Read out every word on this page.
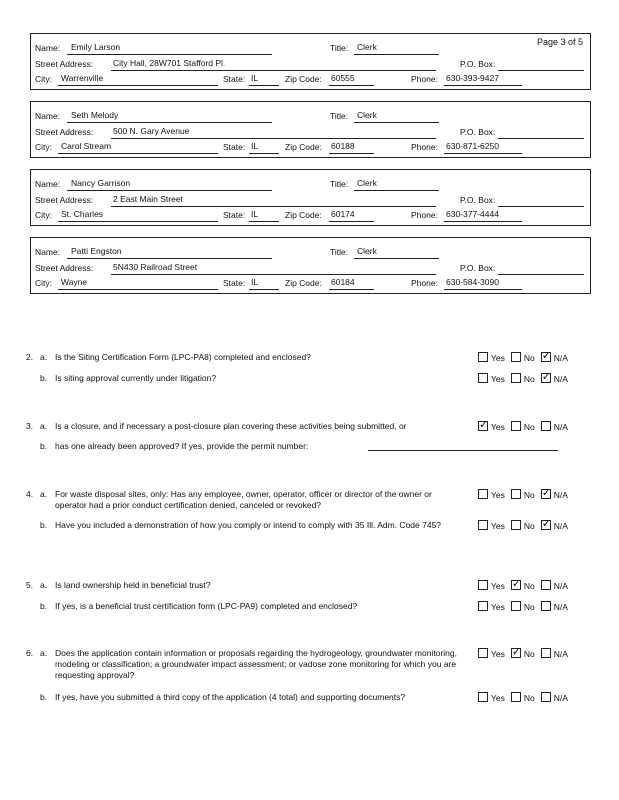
Page 3 of 5
Name: Emily Larson	Title: Clerk
Street Address: City Hall, 28W701 Stafford Pl.	P.O. Box:
City: Warrenville	State: IL	Zip Code: 60555	Phone: 630-393-9427
Name: Seth Melody	Title: Clerk
Street Address: 500 N. Gary Avenue	P.O. Box:
City: Carol Stream	State: IL	Zip Code: 60188	Phone: 630-871-6250
Name: Nancy Garrison	Title: Clerk
Street Address: 2 East Main Street	P.O. Box:
City: St. Charles	State: IL	Zip Code: 60174	Phone: 630-377-4444
Name: Patti Engston	Title: Clerk
Street Address: 5N430 Railroad Street	P.O. Box:
City: Wayne	State: IL	Zip Code: 60184	Phone: 630-584-3090
2. a. Is the Siting Certification Form (LPC-PA8) completed and enclosed?	Yes No ✓ N/A
b. Is siting approval currently under litigation?	Yes No ✓ N/A
3. a. Is a closure, and if necessary a post-closure plan covering these activities being submitted, or ✓	Yes No N/A
b. has one already been approved? If yes, provide the permit number:
4. a. For waste disposal sites, only: Has any employee, owner, operator, officer or director of the owner or operator had a prior conduct certification denied, canceled or revoked?
Yes No ✓ N/A
b. Have you included a demonstration of how you comply or intend to comply with 35 Ill. Adm. Code 745?	Yes No ✓ N/A
5. a. Is land ownership held in beneficial trust?	Yes ✓ No N/A
b. If yes, is a beneficial trust certification form (LPC-PA9) completed and enclosed?	Yes No N/A
6. a. Does the application contain information or proposals regarding the hydrogeology, groundwater monitoring, modeling or classification; a groundwater impact assessment; or vadose zone monitoring for which you are requesting approval?
Yes ✓ No N/A
b. If yes, have you submitted a third copy of the application (4 total) and supporting documents?	Yes No N/A
